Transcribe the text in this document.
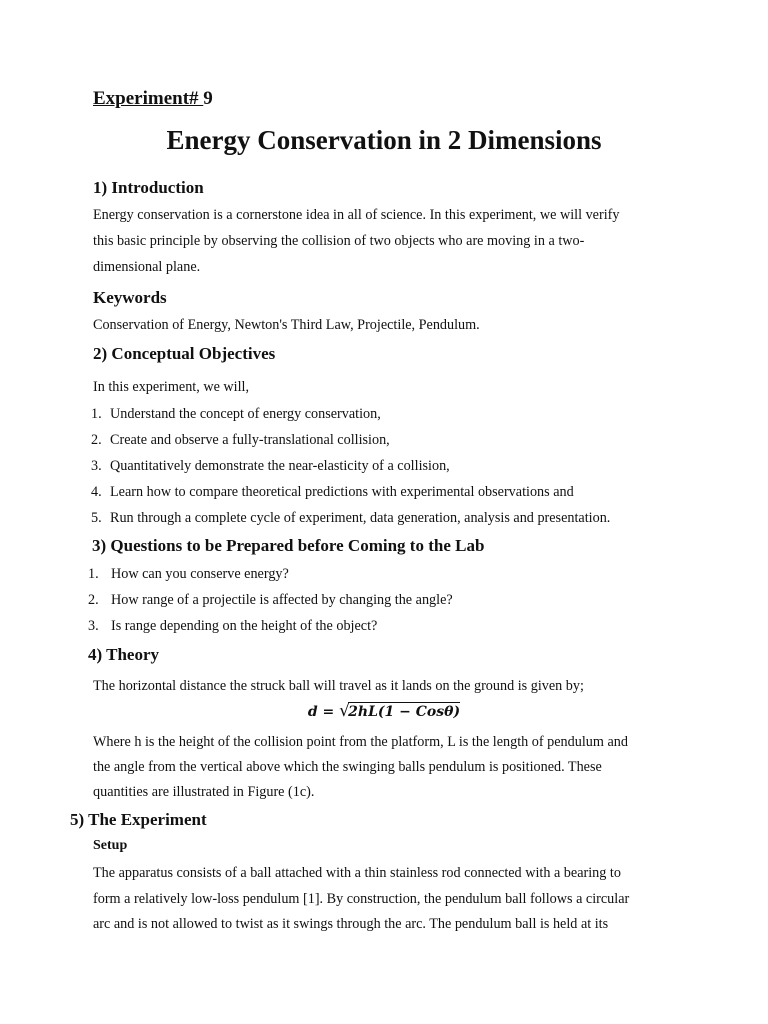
Experiment# 9
Energy Conservation in 2 Dimensions
1) Introduction
Energy conservation is a cornerstone idea in all of science. In this experiment, we will verify
this basic principle by observing the collision of two objects who are moving in a two-
dimensional plane.
Keywords
Conservation of Energy, Newton's Third Law, Projectile, Pendulum.
2) Conceptual Objectives
In this experiment, we will,
1. Understand the concept of energy conservation,
2. Create and observe a fully-translational collision,
3. Quantitatively demonstrate the near-elasticity of a collision,
4. Learn how to compare theoretical predictions with experimental observations and
5. Run through a complete cycle of experiment, data generation, analysis and presentation.
3) Questions to be Prepared before Coming to the Lab
1. How can you conserve energy?
2. How range of a projectile is affected by changing the angle?
3. Is range depending on the height of the object?
4) Theory
The horizontal distance the struck ball will travel as it lands on the ground is given by;
d = √
2hL(1 − Cosθ)
Where h is the height of the collision point from the platform, L is the length of pendulum and
the angle from the vertical above which the swinging balls pendulum is positioned. These
quantities are illustrated in Figure (1c).
5) The Experiment
Setup
The apparatus consists of a ball attached with a thin stainless rod connected with a bearing to
form a relatively low-loss pendulum [1]. By construction, the pendulum ball follows a circular
arc and is not allowed to twist as it swings through the arc. The pendulum ball is held at its
